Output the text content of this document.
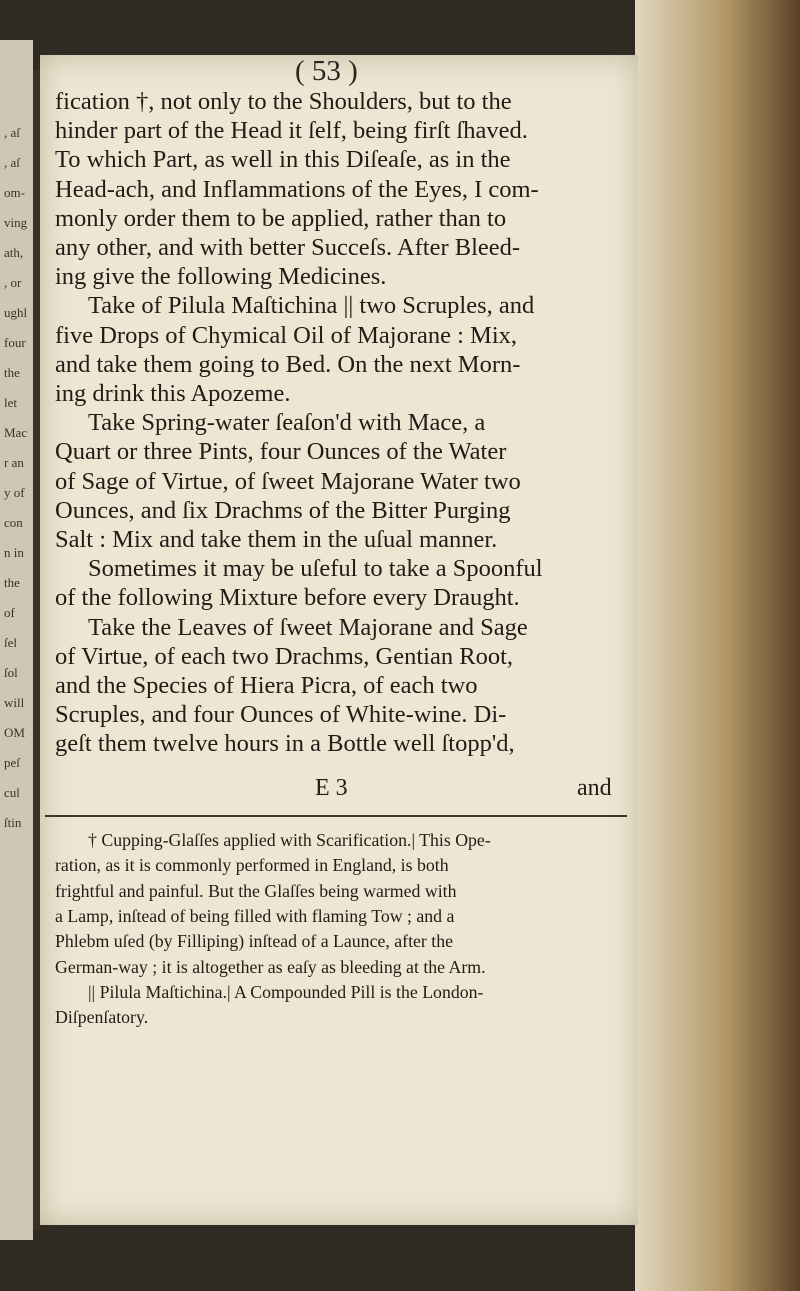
, aſ
, aſ
om-
ving
ath,
, or
ughl
four
the
let
Mac
r an
y of
con
n in
the
of
ſel
ſol
will
OM
peſ
cul
ſtin
( 53 )
fication †, not only to the Shoulders, but to the
hinder part of the Head it ſelf, being firſt ſhaved.
To which Part, as well in this Diſeaſe, as in the
Head-ach, and Inflammations of the Eyes, I com-
monly order them to be applied, rather than to
any other, and with better Succeſs. After Bleed-
ing give the following Medicines.
Take of Pilula Maſtichina || two Scruples, and
five Drops of Chymical Oil of Majorane : Mix,
and take them going to Bed. On the next Morn-
ing drink this Apozeme.
Take Spring-water ſeaſon'd with Mace, a
Quart or three Pints, four Ounces of the Water
of Sage of Virtue, of ſweet Majorane Water two
Ounces, and ſix Drachms of the Bitter Purging
Salt : Mix and take them in the uſual manner.
Sometimes it may be uſeful to take a Spoonful
of the following Mixture before every Draught.
Take the Leaves of ſweet Majorane and Sage
of Virtue, of each two Drachms, Gentian Root,
and the Species of Hiera Picra, of each two
Scruples, and four Ounces of White-wine. Di-
geſt them twelve hours in a Bottle well ſtopp'd,
E 3	and
† Cupping-Glaſſes applied with Scarification.| This Ope-
ration, as it is commonly performed in England, is both
frightful and painful. But the Glaſſes being warmed with
a Lamp, inſtead of being filled with flaming Tow ; and a
Phlebm uſed (by Filliping) inſtead of a Launce, after the
German-way ; it is altogether as eaſy as bleeding at the Arm.
|| Pilula Maſtichina.| A Compounded Pill is the London-
Diſpenſatory.
